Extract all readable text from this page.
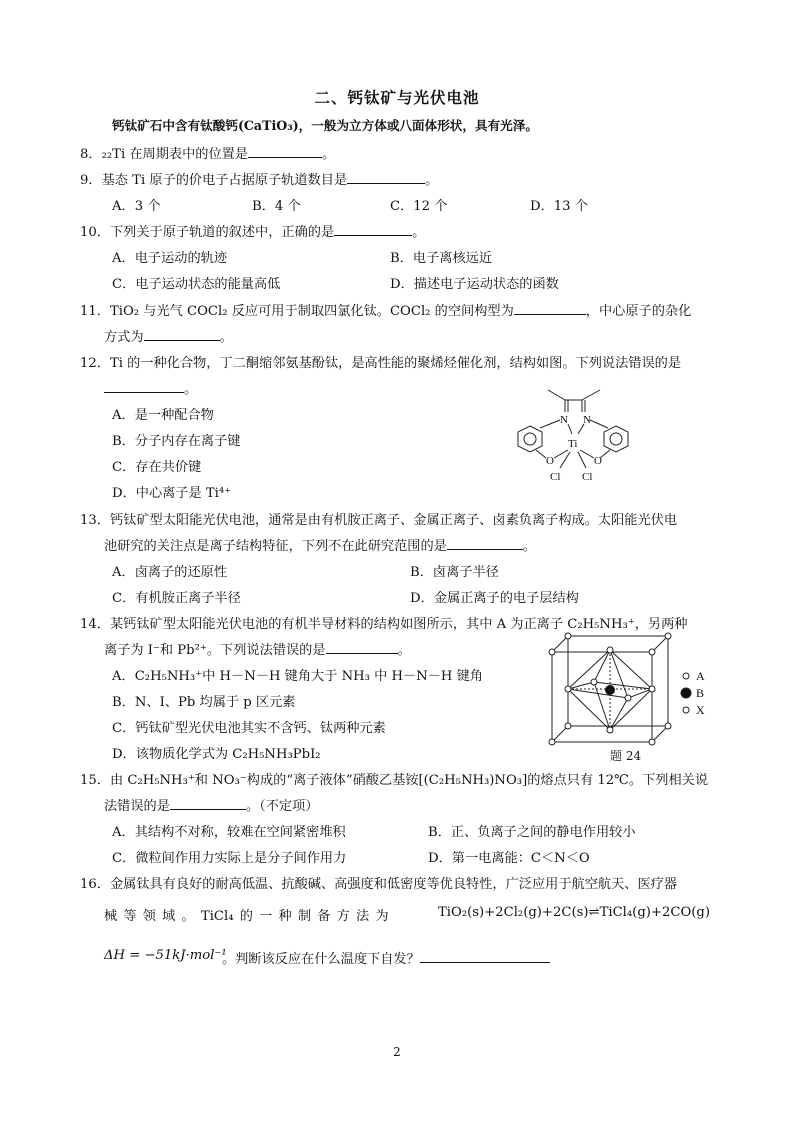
二、钙钛矿与光伏电池
钙钛矿石中含有钛酸钙(CaTiO₃)，一般为立方体或八面体形状，具有光泽。
8．₂₂Ti 在周期表中的位置是	。
9．基态 Ti 原子的价电子占据原子轨道数目是	。
A．3 个	B．4 个	C．12 个	D．13 个
10．下列关于原子轨道的叙述中，正确的是	。
A．电子运动的轨迹	B．电子离核远近
C．电子运动状态的能量高低	D．描述电子运动状态的函数
11．TiO₂ 与光气 COCl₂ 反应可用于制取四氯化钛。COCl₂ 的空间构型为	，中心原子的杂化
方式为	。
12．Ti 的一种化合物，丁二酮缩邻氨基酚钛，是高性能的聚烯烃催化剂，结构如图。下列说法错误的是
。
A．是一种配合物
B．分子内存在离子键
C．存在共价键
D．中心离子是 Ti⁴⁺
N N
Ti
O	O
Cl Cl
13．钙钛矿型太阳能光伏电池，通常是由有机胺正离子、金属正离子、卤素负离子构成。太阳能光伏电
池研究的关注点是离子结构特征，下列不在此研究范围的是	。
A．卤离子的还原性	B．卤离子半径
C．有机胺正离子半径	D．金属正离子的电子层结构
14．某钙钛矿型太阳能光伏电池的有机半导材料的结构如图所示，其中 A 为正离子 C₂H₅NH₃⁺，另两种
离子为 I⁻和 Pb²⁺。下列说法错误的是	。
A．C₂H₅NH₃⁺中 H－N－H 键角大于 NH₃ 中 H－N－H 键角
B．N、I、Pb 均属于 p 区元素
C．钙钛矿型光伏电池其实不含钙、钛两种元素
D．该物质化学式为 C₂H₅NH₃PbI₂
A
B
X
题 24
15．由 C₂H₅NH₃⁺和 NO₃⁻构成的“离子液体”硝酸乙基铵[(C₂H₅NH₃)NO₃]的熔点只有 12℃。下列相关说
法错误的是	。（不定项）
A．其结构不对称，较难在空间紧密堆积	B．正、负离子之间的静电作用较小
C．微粒间作用力实际上是分子间作用力	D．第一电离能：C＜N＜O
16．金属钛具有良好的耐高低温、抗酸碱、高强度和低密度等优良特性，广泛应用于航空航天、医疗器
械 等 领 域 。 TiCl₄ 的 一 种 制 备 方 法 为	TiO₂(s)+2Cl₂(g)+2C(s)⇌TiCl₄(g)+2CO(g)
ΔH = −51kJ·mol⁻¹
。判断该反应在什么温度下自发？
2
